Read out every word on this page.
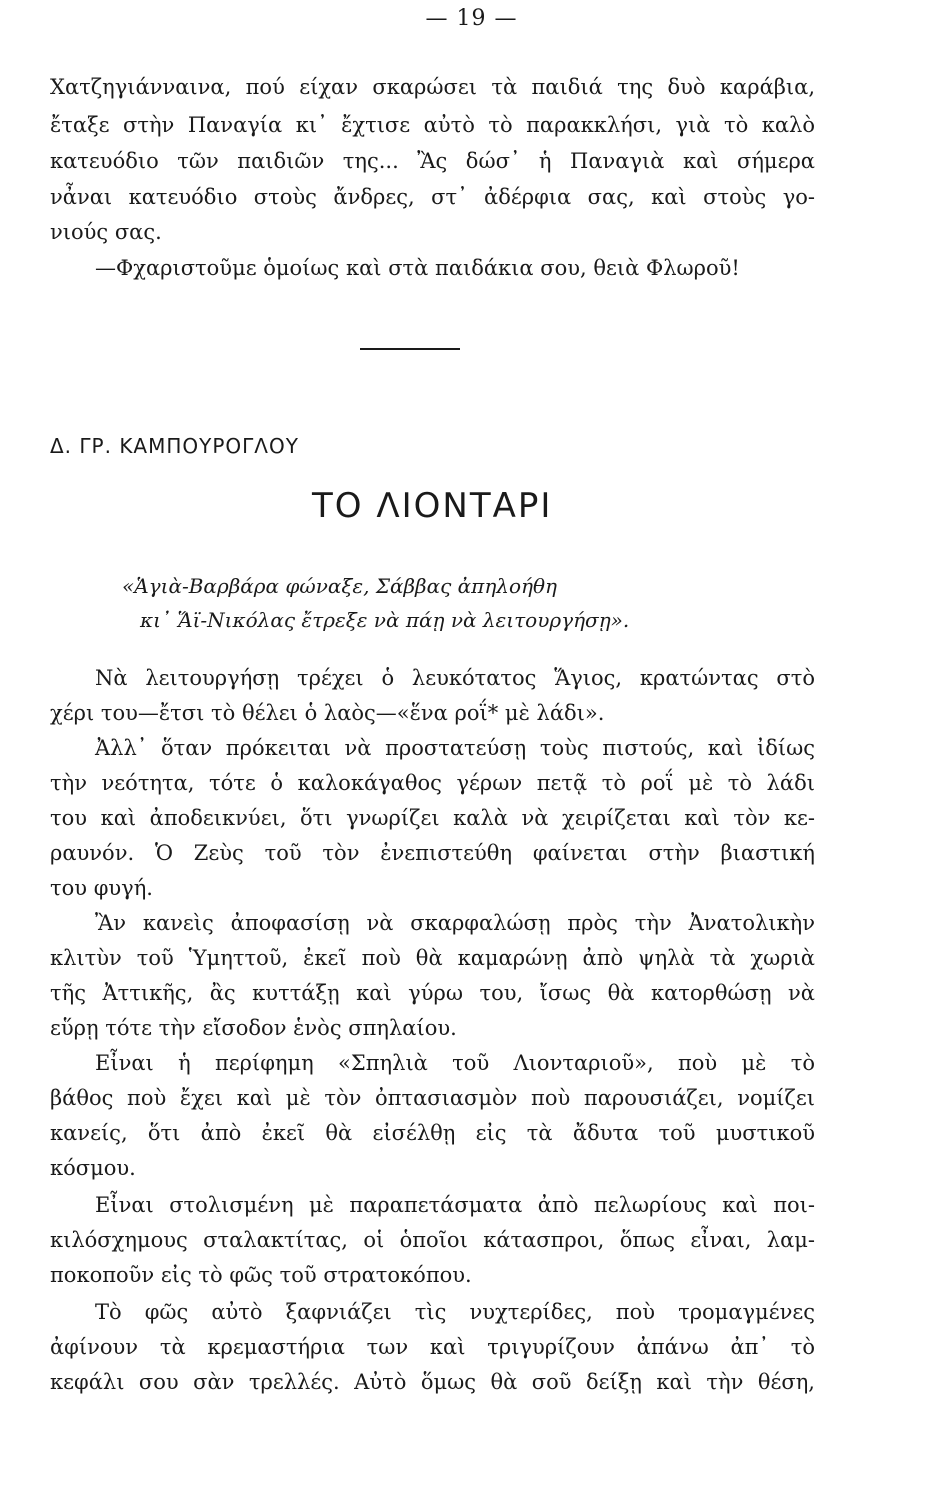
— 19 —
Χατζηγιάνναινα, πού είχαν σκαρώσει τὰ παιδιά της δυὸ καράβια,
ἔταξε στὴν Παναγία κι᾽ ἔχτισε αὐτὸ τὸ παρακκλήσι, γιὰ τὸ καλὸ
κατευόδιο τῶν παιδιῶν της... Ἂς δώσ᾽ ἡ Παναγιὰ καὶ σήμερα
νἆναι κατευόδιο στοὺς ἄνδρες, στ᾽ ἀδέρφια σας, καὶ στοὺς γο-
νιούς σας.
—Φχαριστοῦμε ὁμοίως καὶ στὰ παιδάκια σου, θειὰ Φλωροῦ!
Δ. ΓΡ. ΚΑΜΠΟΥΡΟΓΛΟΥ
ΤΟ ΛΙΟΝΤΑΡΙ
«Ἁγιὰ-Βαρβάρα φώναξε, Σάββας ἀπηλοήθη
κι᾽ Ἅϊ-Νικόλας ἔτρεξε νὰ πάῃ νὰ λειτουργήσῃ».
Νὰ λειτουργήσῃ τρέχει ὁ λευκότατος Ἅγιος, κρατώντας στὸ
χέρι του—ἔτσι τὸ θέλει ὁ λαὸς—«ἕνα ροΐ* μὲ λάδι».
Ἀλλ᾽ ὅταν πρόκειται νὰ προστατεύσῃ τοὺς πιστούς, καὶ ἰδίως
τὴν νεότητα, τότε ὁ καλοκάγαθος γέρων πετᾷ τὸ ροΐ μὲ τὸ λάδι
του καὶ ἀποδεικνύει, ὅτι γνωρίζει καλὰ νὰ χειρίζεται καὶ τὸν κε-
ραυνόν. Ὁ Ζεὺς τοῦ τὸν ἐνεπιστεύθη φαίνεται στὴν βιαστική
του φυγή.
Ἂν κανεὶς ἀποφασίσῃ νὰ σκαρφαλώσῃ πρὸς τὴν Ἀνατολικὴν
κλιτὺν τοῦ Ὑμηττοῦ, ἐκεῖ ποὺ θὰ καμαρώνῃ ἀπὸ ψηλὰ τὰ χωριὰ
τῆς Ἀττικῆς, ἂς κυττάξῃ καὶ γύρω του, ἴσως θὰ κατορθώσῃ νὰ
εὕρῃ τότε τὴν εἴσοδον ἑνὸς σπηλαίου.
Εἶναι ἡ περίφημη «Σπηλιὰ τοῦ Λιονταριοῦ», ποὺ μὲ τὸ
βάθος ποὺ ἔχει καὶ μὲ τὸν ὀπτασιασμὸν ποὺ παρουσιάζει, νομίζει
κανείς, ὅτι ἀπὸ ἐκεῖ θὰ εἰσέλθῃ εἰς τὰ ἄδυτα τοῦ μυστικοῦ
κόσμου.
Εἶναι στολισμένη μὲ παραπετάσματα ἀπὸ πελωρίους καὶ ποι-
κιλόσχημους σταλακτίτας, οἱ ὁποῖοι κάτασπροι, ὅπως εἶναι, λαμ-
ποκοποῦν εἰς τὸ φῶς τοῦ στρατοκόπου.
Τὸ φῶς αὐτὸ ξαφνιάζει τὶς νυχτερίδες, ποὺ τρομαγμένες
ἀφίνουν τὰ κρεμαστήρια των καὶ τριγυρίζουν ἀπάνω ἀπ᾽ τὸ
κεφάλι σου σὰν τρελλές. Αὐτὸ ὅμως θὰ σοῦ δείξῃ καὶ τὴν θέση,
